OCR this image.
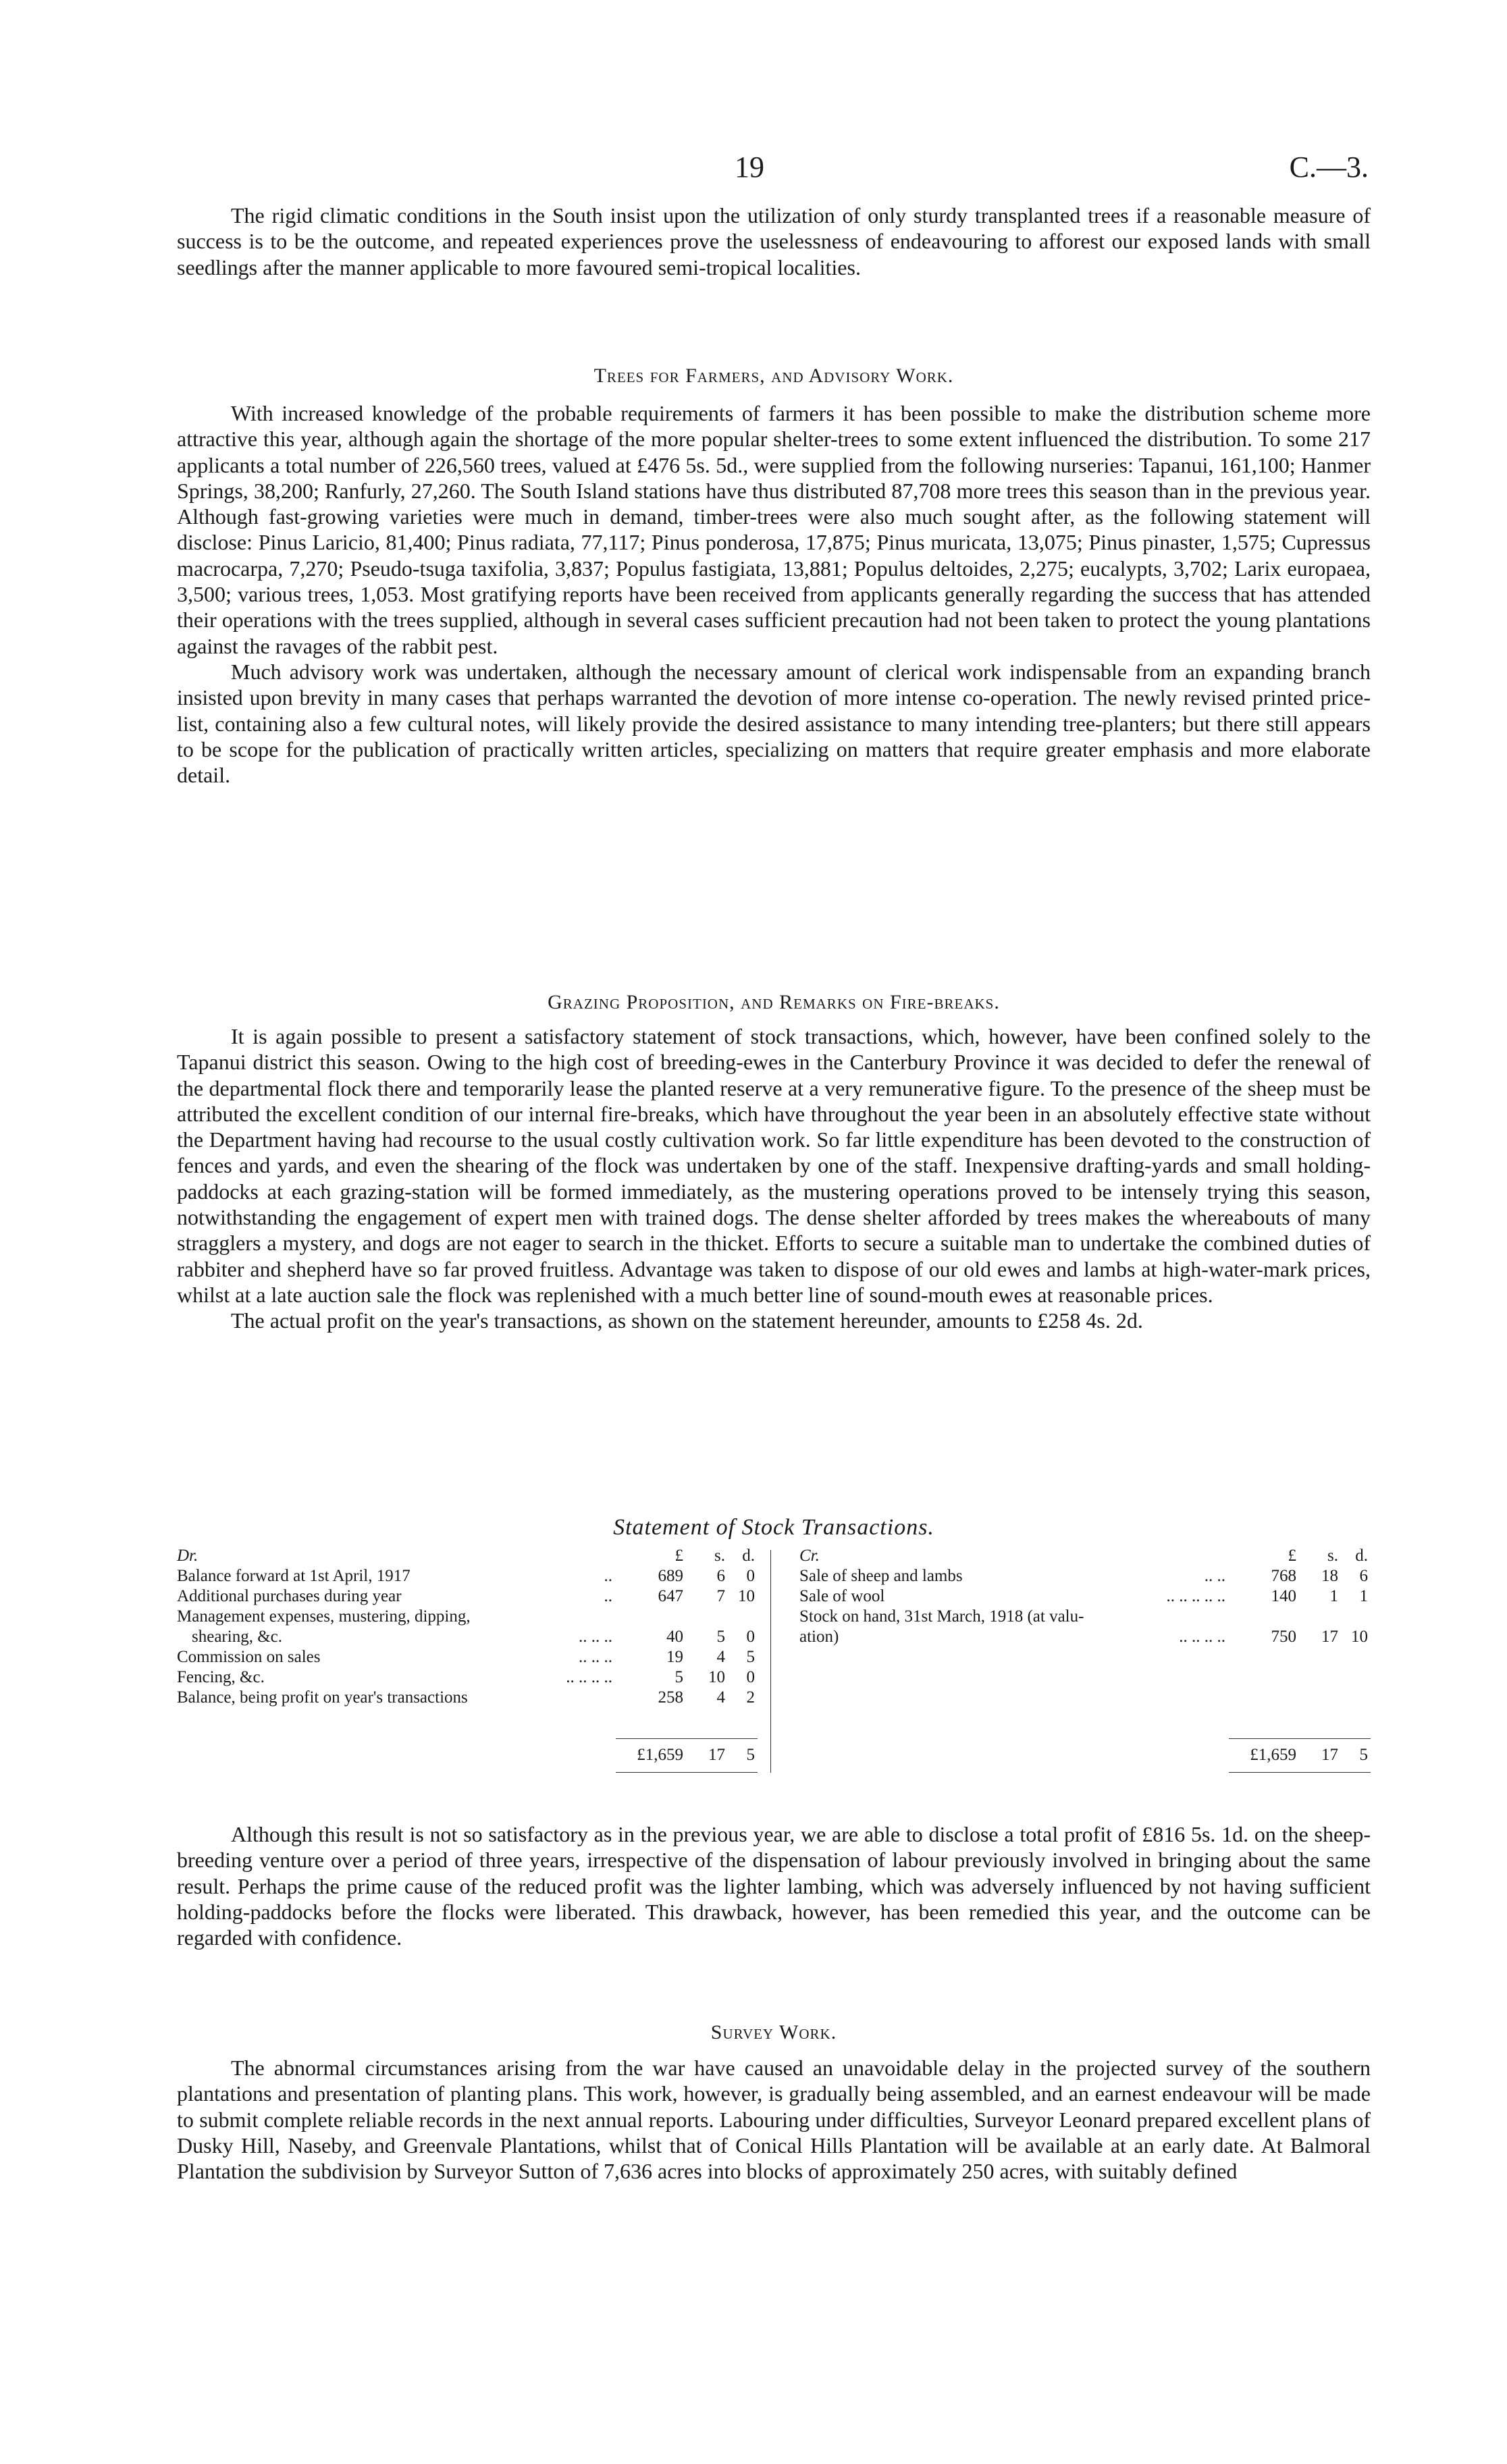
19	C.—3.

The rigid climatic conditions in the South insist upon the utilization of only sturdy transplanted trees if a reasonable measure of success is to be the outcome, and repeated experiences prove the uselessness of endeavouring to afforest our exposed lands with small seedlings after the manner applicable to more favoured semi-tropical localities.

Trees for Farmers, and Advisory Work.

With increased knowledge of the probable requirements of farmers it has been possible to make the distribution scheme more attractive this year, although again the shortage of the more popular shelter-trees to some extent influenced the distribution. To some 217 applicants a total number of 226,560 trees, valued at £476 5s. 5d., were supplied from the following nurseries: Tapanui, 161,100; Hanmer Springs, 38,200; Ranfurly, 27,260. The South Island stations have thus distributed 87,708 more trees this season than in the previous year. Although fast-growing varieties were much in demand, timber-trees were also much sought after, as the following statement will disclose: Pinus Laricio, 81,400; Pinus radiata, 77,117; Pinus ponderosa, 17,875; Pinus muricata, 13,075; Pinus pinaster, 1,575; Cupressus macrocarpa, 7,270; Pseudo-tsuga taxifolia, 3,837; Populus fastigiata, 13,881; Populus deltoides, 2,275; eucalypts, 3,702; Larix europaea, 3,500; various trees, 1,053. Most gratifying reports have been received from applicants generally regarding the success that has attended their operations with the trees supplied, although in several cases sufficient precaution had not been taken to protect the young plantations against the ravages of the rabbit pest.

Much advisory work was undertaken, although the necessary amount of clerical work indispensable from an expanding branch insisted upon brevity in many cases that perhaps warranted the devotion of more intense co-operation. The newly revised printed price-list, containing also a few cultural notes, will likely provide the desired assistance to many intending tree-planters; but there still appears to be scope for the publication of practically written articles, specializing on matters that require greater emphasis and more elaborate detail.

Grazing Proposition, and Remarks on Fire-breaks.

It is again possible to present a satisfactory statement of stock transactions, which, however, have been confined solely to the Tapanui district this season. Owing to the high cost of breeding-ewes in the Canterbury Province it was decided to defer the renewal of the departmental flock there and temporarily lease the planted reserve at a very remunerative figure. To the presence of the sheep must be attributed the excellent condition of our internal fire-breaks, which have throughout the year been in an absolutely effective state without the Department having had recourse to the usual costly cultivation work. So far little expenditure has been devoted to the construction of fences and yards, and even the shearing of the flock was undertaken by one of the staff. Inexpensive drafting-yards and small holding-paddocks at each grazing-station will be formed immediately, as the mustering operations proved to be intensely trying this season, notwithstanding the engagement of expert men with trained dogs. The dense shelter afforded by trees makes the whereabouts of many stragglers a mystery, and dogs are not eager to search in the thicket. Efforts to secure a suitable man to undertake the combined duties of rabbiter and shepherd have so far proved fruitless. Advantage was taken to dispose of our old ewes and lambs at high-water-mark prices, whilst at a late auction sale the flock was replenished with a much better line of sound-mouth ewes at reasonable prices.

The actual profit on the year's transactions, as shown on the statement hereunder, amounts to £258 4s. 2d.

Statement of Stock Transactions.

Dr.	£ s. d.
Balance forward at 1st April, 1917	..	689 6 0
Additional purchases during year	..	647 7 10
Management expenses, mustering, dipping,
shearing, &c.	.. .. ..	40 5 0
Commission on sales	.. .. ..	19 4 5
Fencing, &c.	.. .. .. ..	5 10 0
Balance, being profit on year's transactions	258 4 2
£1,659 17 5
Cr.	£ s. d.
Sale of sheep and lambs	.. ..	768 18 6
Sale of wool	.. .. .. .. ..	140 1 1
Stock on hand, 31st March, 1918 (at valu-
ation)	.. .. .. ..	750 17 10
£1,659 17 5

Although this result is not so satisfactory as in the previous year, we are able to disclose a total profit of £816 5s. 1d. on the sheep-breeding venture over a period of three years, irrespective of the dispensation of labour previously involved in bringing about the same result. Perhaps the prime cause of the reduced profit was the lighter lambing, which was adversely influenced by not having sufficient holding-paddocks before the flocks were liberated. This drawback, however, has been remedied this year, and the outcome can be regarded with confidence.

Survey Work.

The abnormal circumstances arising from the war have caused an unavoidable delay in the projected survey of the southern plantations and presentation of planting plans. This work, however, is gradually being assembled, and an earnest endeavour will be made to submit complete reliable records in the next annual reports. Labouring under difficulties, Surveyor Leonard prepared excellent plans of Dusky Hill, Naseby, and Greenvale Plantations, whilst that of Conical Hills Plantation will be available at an early date. At Balmoral Plantation the subdivision by Surveyor Sutton of 7,636 acres into blocks of approximately 250 acres, with suitably defined
